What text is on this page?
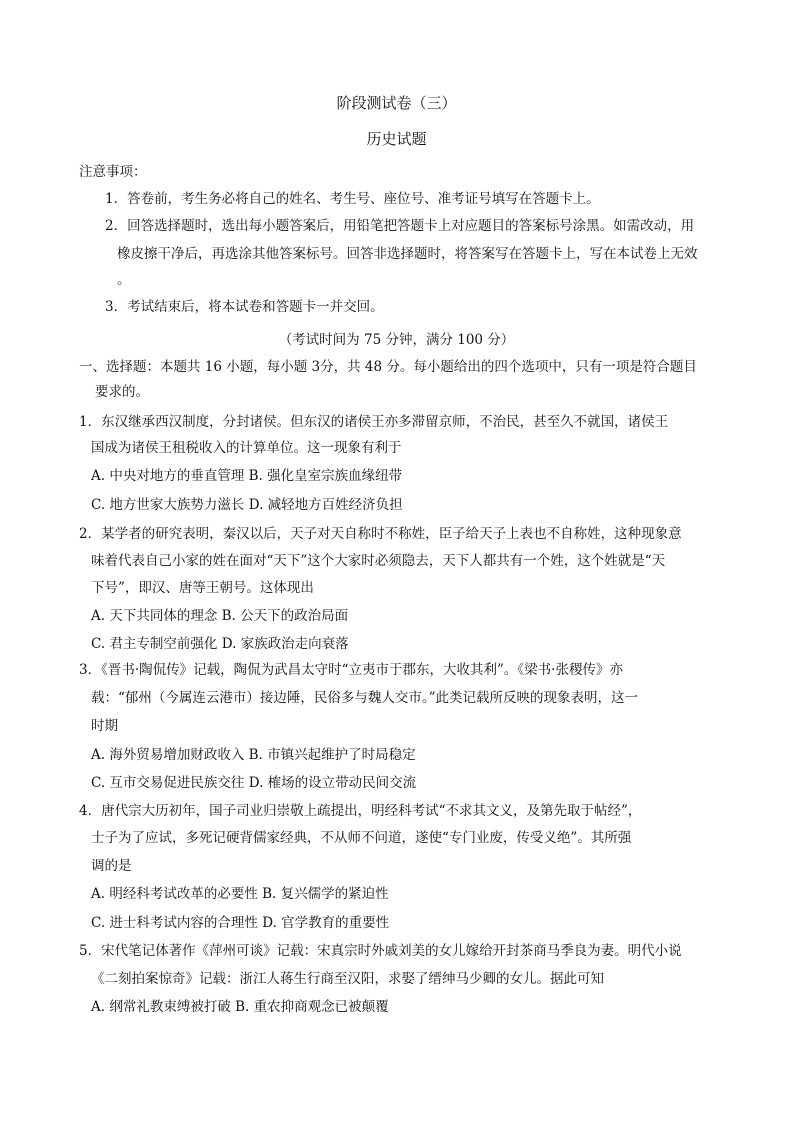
阶段测试卷（三）
历史试题
注意事项：
1．答卷前，考生务必将自己的姓名、考生号、座位号、准考证号填写在答题卡上。
2．回答选择题时，选出每小题答案后，用铅笔把答题卡上对应题目的答案标号涂黑。如需改动，用
橡皮擦干净后，再选涂其他答案标号。回答非选择题时，将答案写在答题卡上，写在本试卷上无效
。
3．考试结束后，将本试卷和答题卡一并交回。
（考试时间为 75 分钟，满分 100 分）
一、选择题：本题共 16 小题，每小题 3分，共 48 分。每小题给出的四个选项中，只有一项是符合题目
要求的。
1．东汉继承西汉制度，分封诸侯。但东汉的诸侯王亦多滞留京师，不治民，甚至久不就国，诸侯王
国成为诸侯王租税收入的计算单位。这一现象有利于
A. 中央对地方的垂直管理 B. 强化皇室宗族血缘纽带
C. 地方世家大族势力滋长 D. 减轻地方百姓经济负担
2．某学者的研究表明，秦汉以后，天子对天自称时不称姓，臣子给天子上表也不自称姓，这种现象意
味着代表自己小家的姓在面对“天下”这个大家时必须隐去，天下人都共有一个姓，这个姓就是“天
下号”，即汉、唐等王朝号。这体现出
A. 天下共同体的理念 B. 公天下的政治局面
C. 君主专制空前强化 D. 家族政治走向衰落
3．《晋书·陶侃传》记载，陶侃为武昌太守时“立夷市于郡东，大收其利”。《梁书·张稷传》亦
载：“郁州（今属连云港市）接边陲，民俗多与魏人交市。”此类记载所反映的现象表明，这一
时期
A. 海外贸易增加财政收入 B. 市镇兴起维护了时局稳定
C. 互市交易促进民族交往 D. 榷场的设立带动民间交流
4．唐代宗大历初年，国子司业归崇敬上疏提出，明经科考试“不求其文义，及第先取于帖经”，
士子为了应试，多死记硬背儒家经典，不从师不问道，遂使“专门业废，传受义绝”。其所强
调的是
A. 明经科考试改革的必要性 B. 复兴儒学的紧迫性
C. 进士科考试内容的合理性 D. 官学教育的重要性
5．宋代笔记体著作《萍州可谈》记载：宋真宗时外戚刘美的女儿嫁给开封茶商马季良为妻。明代小说
《二刻拍案惊奇》记载：浙江人蒋生行商至汉阳，求娶了缙绅马少卿的女儿。据此可知
A. 纲常礼教束缚被打破 B. 重农抑商观念已被颠覆
